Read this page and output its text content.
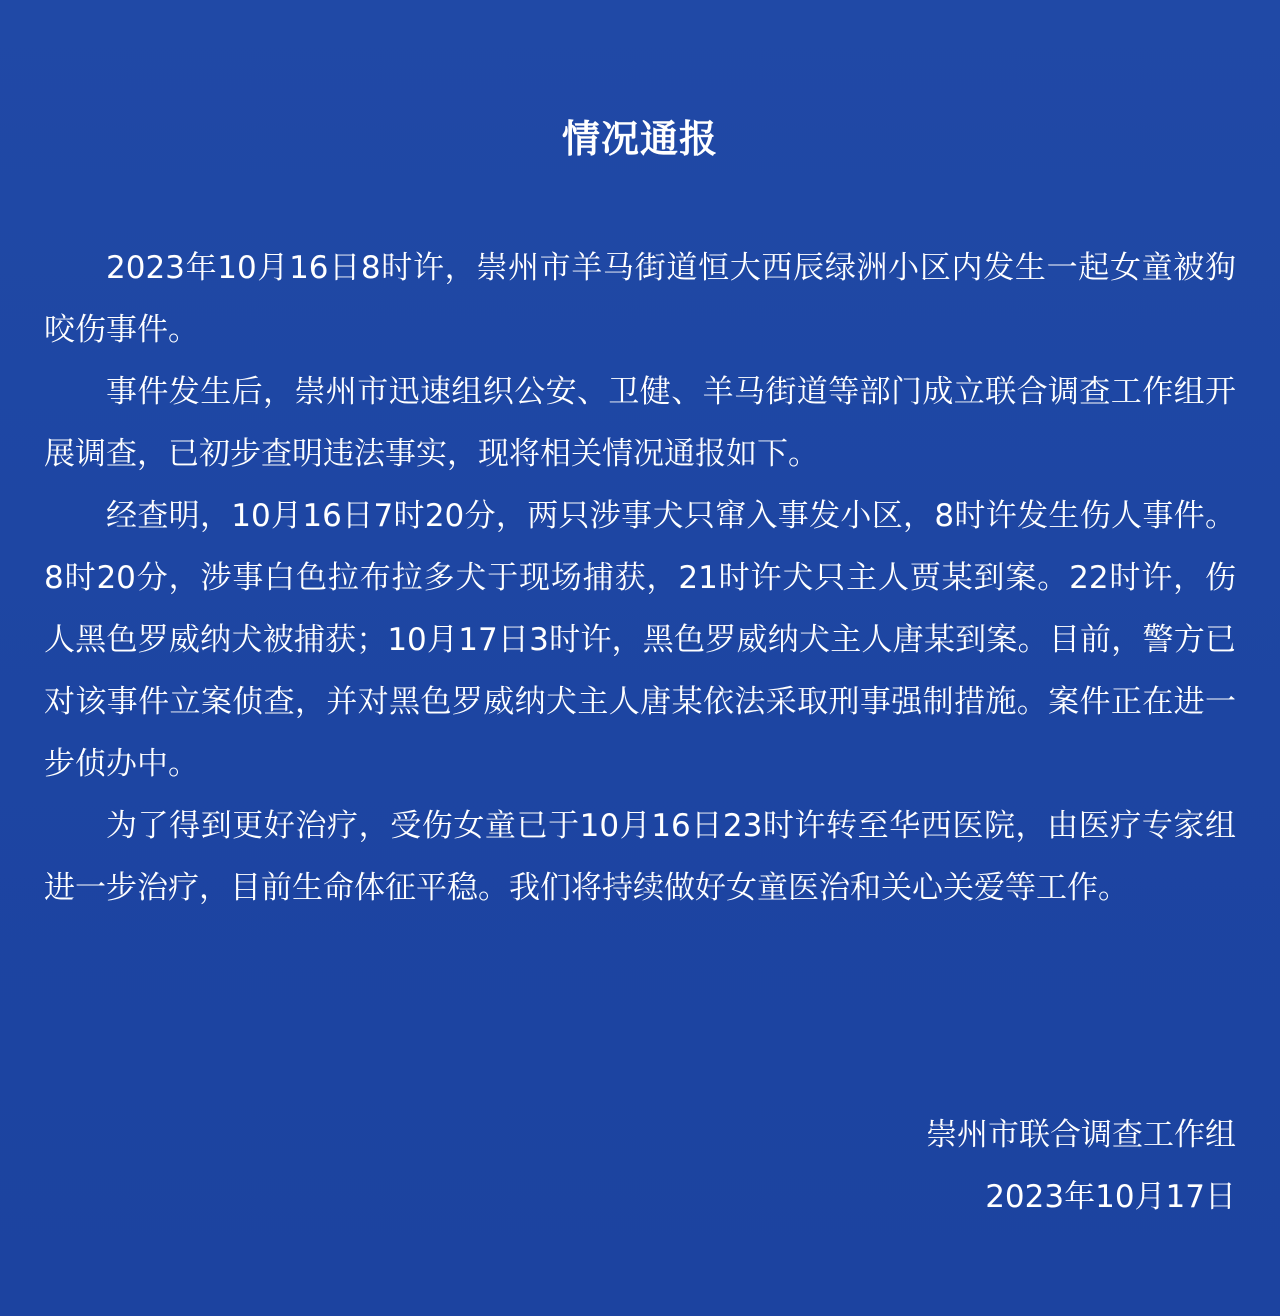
情况通报

2023年10月16日8时许，崇州市羊马街道恒大西辰绿洲小区内发生一起女童被狗咬伤事件。

事件发生后，崇州市迅速组织公安、卫健、羊马街道等部门成立联合调查工作组开展调查，已初步查明违法事实，现将相关情况通报如下。

经查明，10月16日7时20分，两只涉事犬只窜入事发小区，8时许发生伤人事件。8时20分，涉事白色拉布拉多犬于现场捕获，21时许犬只主人贾某到案。22时许，伤人黑色罗威纳犬被捕获；10月17日3时许，黑色罗威纳犬主人唐某到案。目前，警方已对该事件立案侦查，并对黑色罗威纳犬主人唐某依法采取刑事强制措施。案件正在进一步侦办中。

为了得到更好治疗，受伤女童已于10月16日23时许转至华西医院，由医疗专家组进一步治疗，目前生命体征平稳。我们将持续做好女童医治和关心关爱等工作。

崇州市联合调查工作组
2023年10月17日
